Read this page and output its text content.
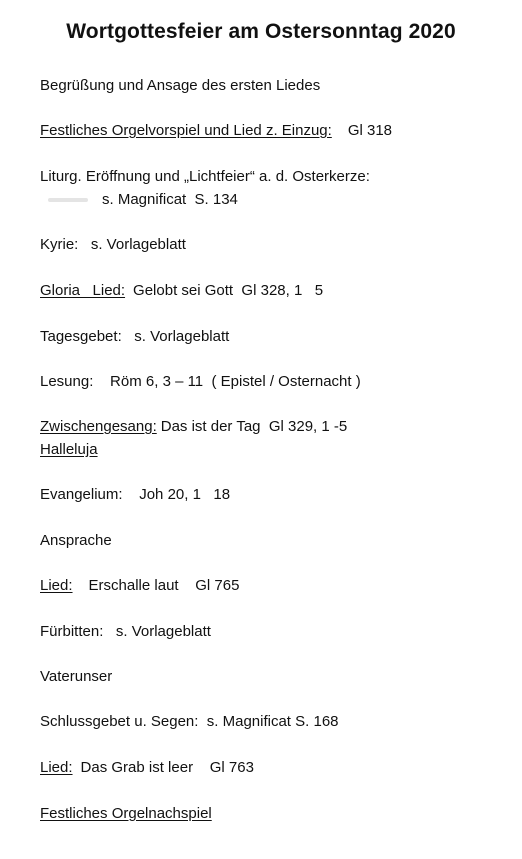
Wortgottesfeier am Ostersonntag 2020
Begrüßung und Ansage des ersten Liedes
Festliches Orgelvorspiel und Lied z. Einzug: Gl 318
Liturg. Eröffnung und „Lichtfeier“ a. d. Osterkerze:
s. Magnificat  S. 134
Kyrie:   s. Vorlageblatt
Gloria   Lied: Gelobt sei Gott  Gl 328, 1   5
Tagesgebet:   s. Vorlageblatt
Lesung:    Röm 6, 3 – 11  ( Epistel / Osternacht )
Zwischengesang: Das ist der Tag  Gl 329, 1 -5
Halleluja
Evangelium:    Joh 20, 1   18
Ansprache
Lied: Erschalle laut    Gl 765
Fürbitten:   s. Vorlageblatt
Vaterunser
Schlussgebet u. Segen:  s. Magnificat S. 168
Lied: Das Grab ist leer    Gl 763
Festliches Orgelnachspiel
